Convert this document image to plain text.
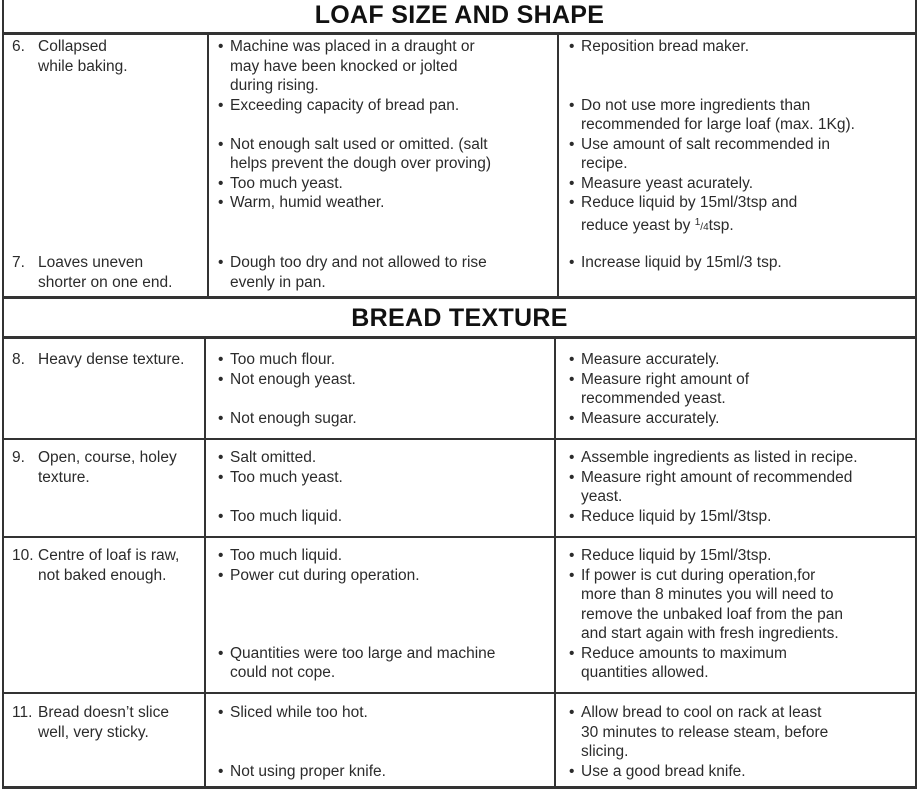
LOAF SIZE AND SHAPE
6. Collapsed
while baking.
• Machine was placed in a draught or
may have been knocked or jolted
during rising.
• Exceeding capacity of bread pan.
• Not enough salt used or omitted. (salt
helps prevent the dough over proving)
• Too much yeast.
• Warm, humid weather.
• Reposition bread maker.
• Do not use more ingredients than
recommended for large loaf (max. 1Kg).
• Use amount of salt recommended in
recipe.
• Measure yeast acurately.
• Reduce liquid by 15ml/3tsp and
reduce yeast by $^1$/4tsp.
7. Loaves uneven
shorter on one end.
• Dough too dry and not allowed to rise
evenly in pan.
• Increase liquid by 15ml/3 tsp.
BREAD TEXTURE
8. Heavy dense texture.	• Too much flour.
• Not enough yeast.
• Not enough sugar.
• Measure accurately.
• Measure right amount of
recommended yeast.
• Measure accurately.
9. Open, course, holey
texture.
• Salt omitted.
• Too much yeast.
• Too much liquid.
• Assemble ingredients as listed in recipe.
• Measure right amount of recommended
yeast.
• Reduce liquid by 15ml/3tsp.
10. Centre of loaf is raw,
not baked enough.
• Too much liquid.
• Power cut during operation.
• Quantities were too large and machine
could not cope.
• Reduce liquid by 15ml/3tsp.
• If power is cut during operation,for
more than 8 minutes you will need to
remove the unbaked loaf from the pan
and start again with fresh ingredients.
• Reduce amounts to maximum
quantities allowed.
11. Bread doesn’t slice
well, very sticky.
• Sliced while too hot.
• Not using proper knife.
• Allow bread to cool on rack at least
30 minutes to release steam, before
slicing.
• Use a good bread knife.
